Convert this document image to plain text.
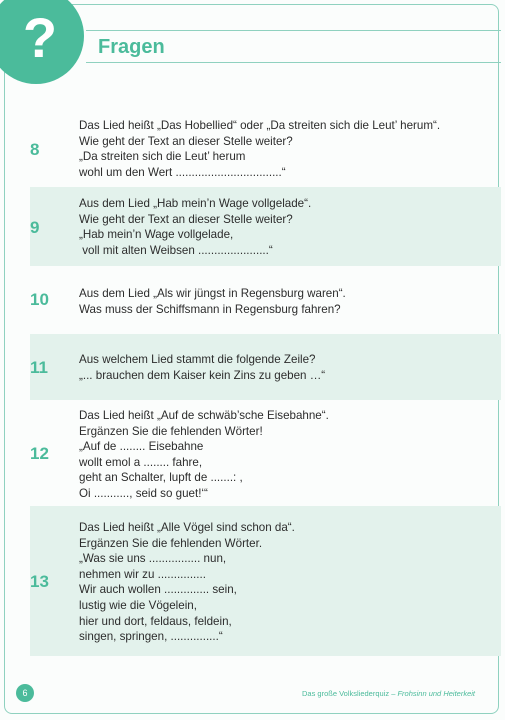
? Fragen
8
Das Lied heißt „Das Hobellied“ oder „Da streiten sich die Leut’ herum“.
Wie geht der Text an dieser Stelle weiter?
„Da streiten sich die Leut’ herum
wohl um den Wert .................................“
9
Aus dem Lied „Hab mein’n Wage vollgelade“.
Wie geht der Text an dieser Stelle weiter?
„Hab mein’n Wage vollgelade,
voll mit alten Weibsen ......................“
10	Aus dem Lied „Als wir jüngst in Regensburg waren“.
Was muss der Schiffsmann in Regensburg fahren?
11	Aus welchem Lied stammt die folgende Zeile?
„... brauchen dem Kaiser kein Zins zu geben …“
12
Das Lied heißt „Auf de schwäb’sche Eisebahne“.
Ergänzen Sie die fehlenden Wörter!
„Auf de ........ Eisebahne
wollt emol a ........ fahre,
geht an Schalter, lupft de .......: ,
Oi ..........., seid so guet!‘“
13
Das Lied heißt „Alle Vögel sind schon da“.
Ergänzen Sie die fehlenden Wörter.
„Was sie uns ................ nun,
nehmen wir zu ...............
Wir auch wollen .............. sein,
lustig wie die Vögelein,
hier und dort, feldaus, feldein,
singen, springen, ...............“
6	Das große Volksliederquiz – Frohsinn und Heiterkeit
